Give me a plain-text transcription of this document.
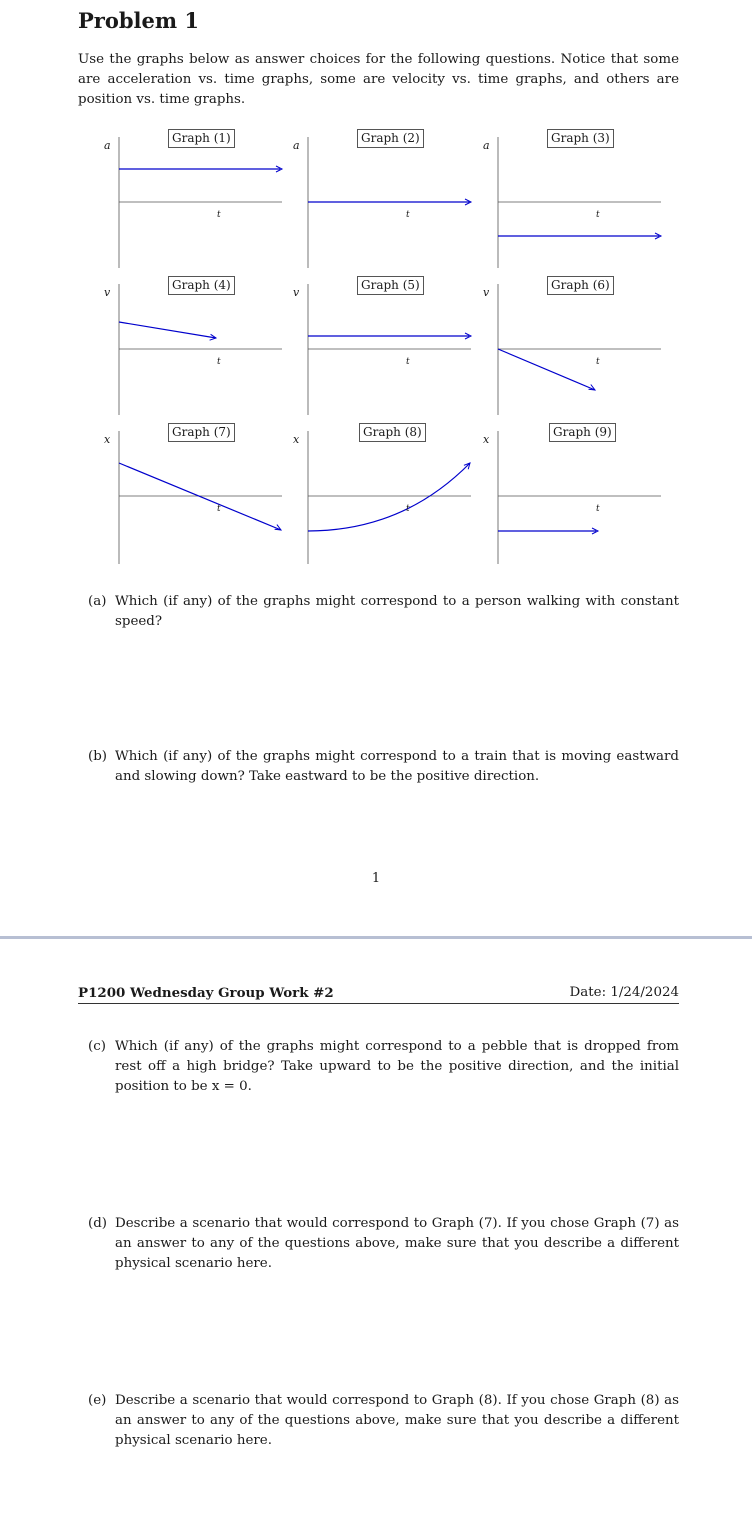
Problem 1

Use the graphs below as answer choices for the following questions. Notice that some are acceleration vs. time graphs, some are velocity vs. time graphs, and others are position vs. time graphs.

a
t
Graph (1)
a
t
Graph (2)
a
t
Graph (3)
v
t
Graph (4)
v
t
Graph (5)
v
t
Graph (6)
x
t
Graph (7)
x
t
Graph (8)
x
t
Graph (9)
(a) Which (if any) of the graphs might correspond to a person walking with constant speed?
(b) Which (if any) of the graphs might correspond to a train that is moving eastward and slowing down? Take eastward to be the positive direction.
1
P1200 Wednesday Group Work #2	Date: 1/24/2024
(c) Which (if any) of the graphs might correspond to a pebble that is dropped from rest off a high bridge? Take upward to be the positive direction, and the initial position to be x = 0.
(d) Describe a scenario that would correspond to Graph (7). If you chose Graph (7) as an answer to any of the questions above, make sure that you describe a different physical scenario here.
(e) Describe a scenario that would correspond to Graph (8). If you chose Graph (8) as an answer to any of the questions above, make sure that you describe a different physical scenario here.
